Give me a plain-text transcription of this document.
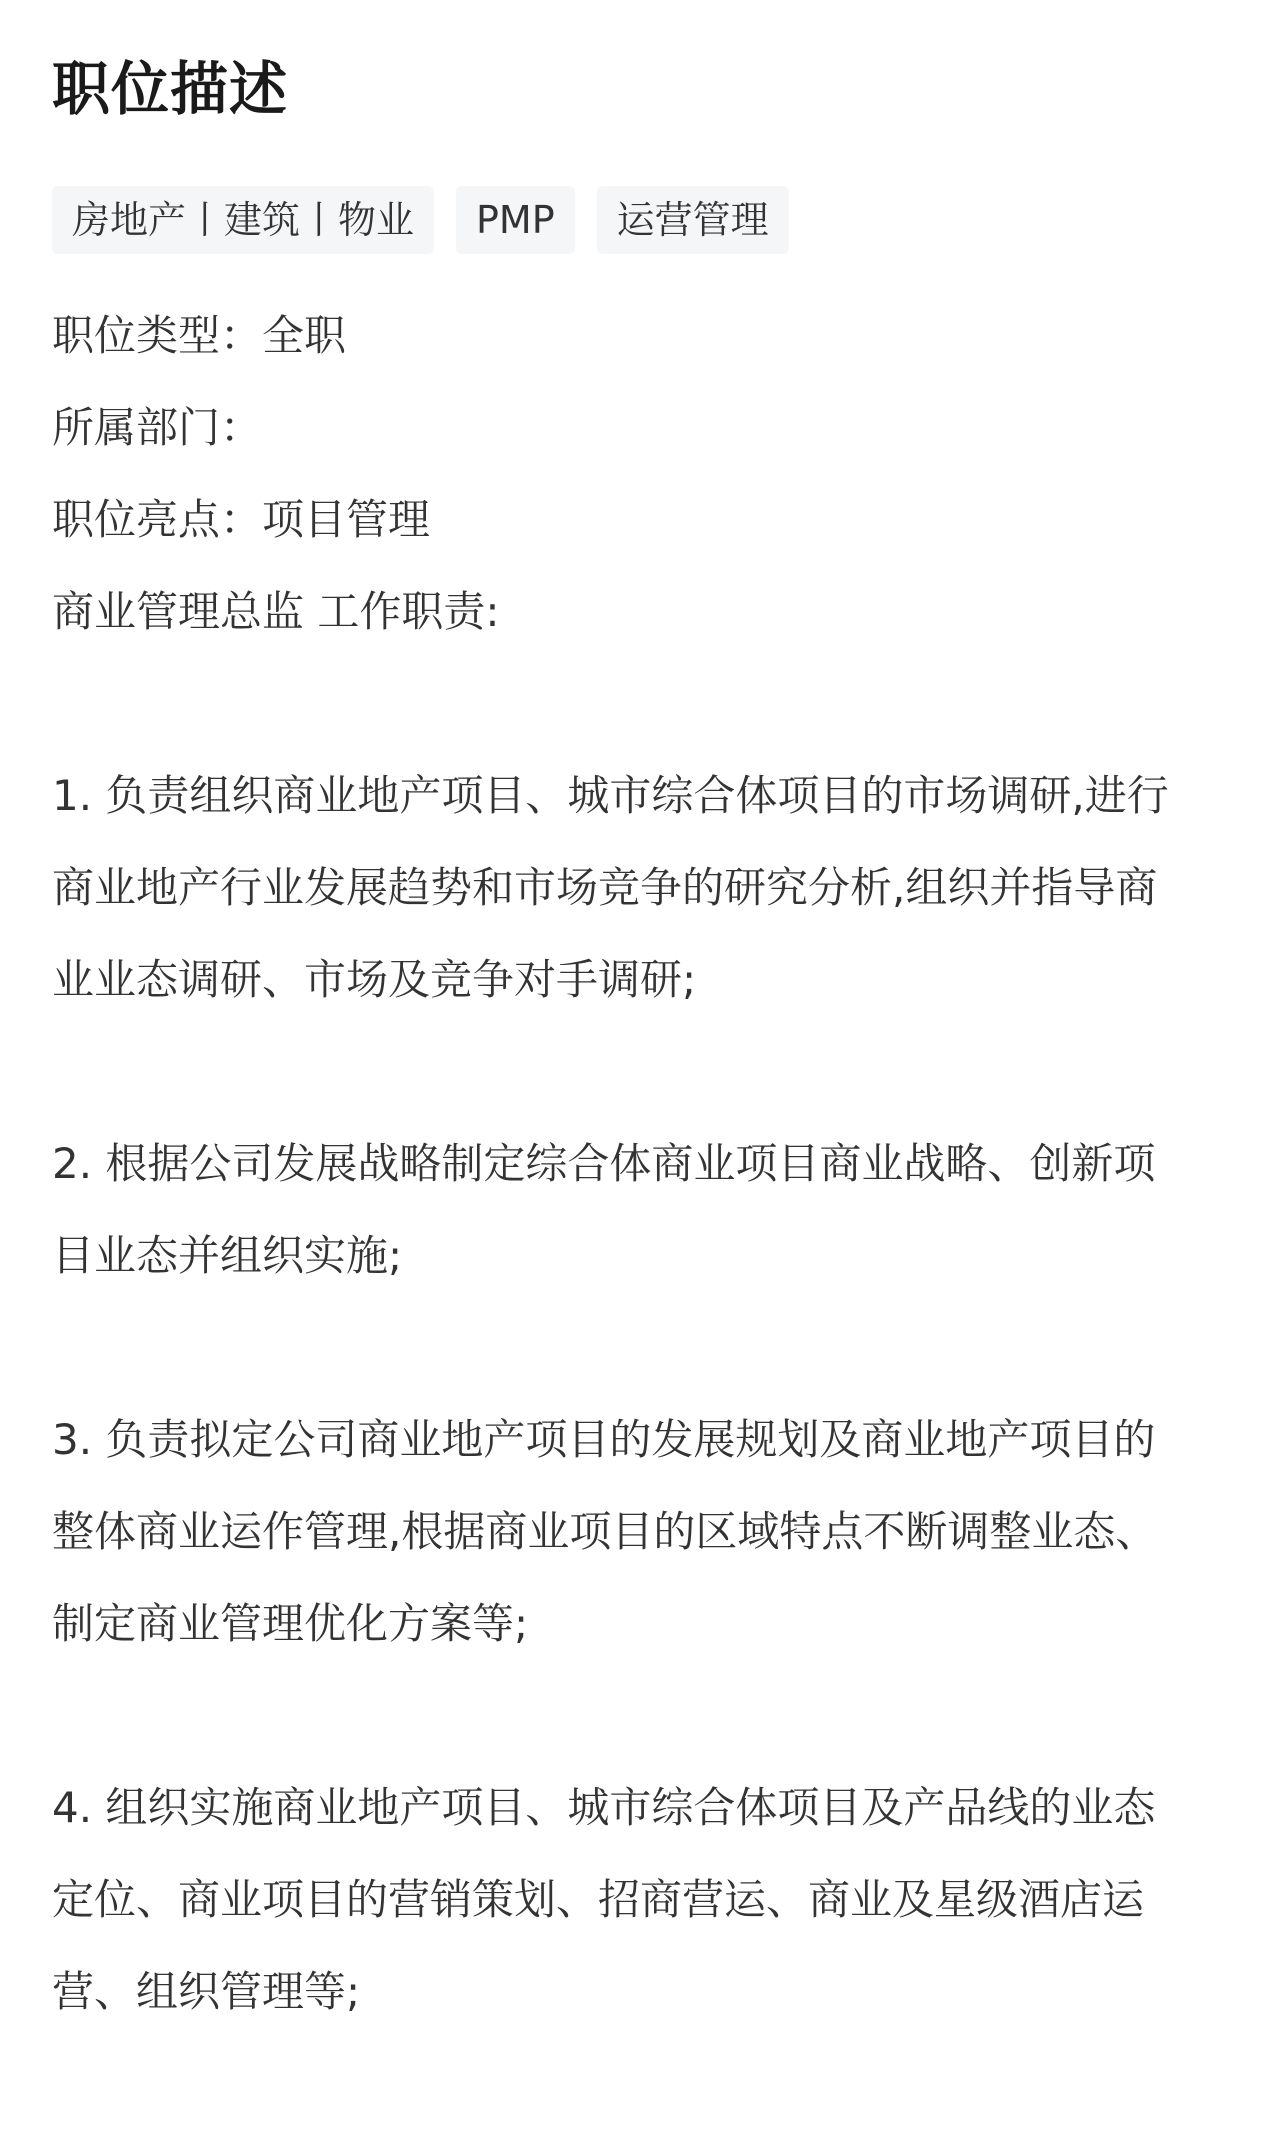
职位描述
房地产丨建筑丨物业	PMP	运营管理
职位类型：全职
所属部门：
职位亮点：项目管理
商业管理总监 工作职责:

1. 负责组织商业地产项目、城市综合体项目的市场调研,进行
商业地产行业发展趋势和市场竞争的研究分析,组织并指导商
业业态调研、市场及竞争对手调研;

2. 根据公司发展战略制定综合体商业项目商业战略、创新项
目业态并组织实施;

3. 负责拟定公司商业地产项目的发展规划及商业地产项目的
整体商业运作管理,根据商业项目的区域特点不断调整业态、
制定商业管理优化方案等;

4. 组织实施商业地产项目、城市综合体项目及产品线的业态
定位、商业项目的营销策划、招商营运、商业及星级酒店运
营、组织管理等;
